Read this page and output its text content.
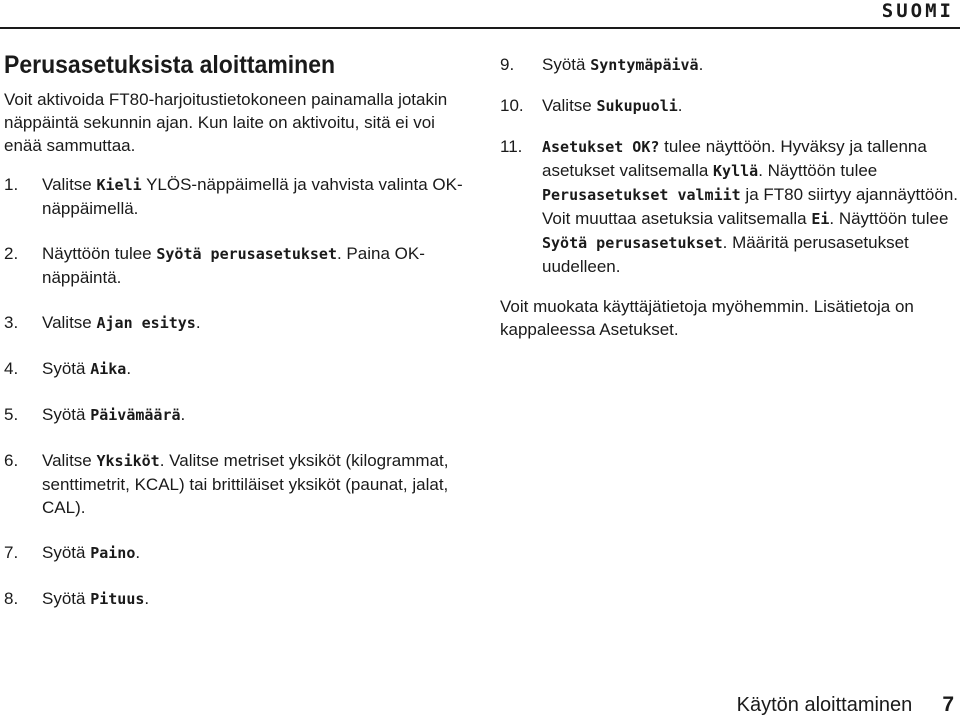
SUOMI
Perusasetuksista aloittaminen

Voit aktivoida FT80-harjoitustietokoneen painamalla jotakin näppäintä sekunnin ajan. Kun laite on aktivoitu, sitä ei voi enää sammuttaa.

1.	Valitse Kieli YLÖS-näppäimellä ja vahvista valinta OK-näppäimellä.
2.	Näyttöön tulee Syötä perusasetukset. Paina OK-näppäintä.
3.	Valitse Ajan esitys.
4.	Syötä Aika.
5.	Syötä Päivämäärä.
6.	Valitse Yksiköt. Valitse metriset yksiköt (kilogrammat, senttimetrit, KCAL) tai brittiläiset yksiköt (paunat, jalat, CAL).
7.	Syötä Paino.
8.	Syötä Pituus.
9.	Syötä Syntymäpäivä.
10.	Valitse Sukupuoli.
11.	Asetukset OK? tulee näyttöön. Hyväksy ja tallenna asetukset valitsemalla Kyllä. Näyttöön tulee Perusasetukset valmiit ja FT80 siirtyy ajannäyttöön.
Voit muuttaa asetuksia valitsemalla Ei. Näyttöön tulee Syötä perusasetukset. Määritä perusasetukset uudelleen.

Voit muokata käyttäjätietoja myöhemmin. Lisätietoja on kappaleessa Asetukset.

Käytön aloittaminen 7
